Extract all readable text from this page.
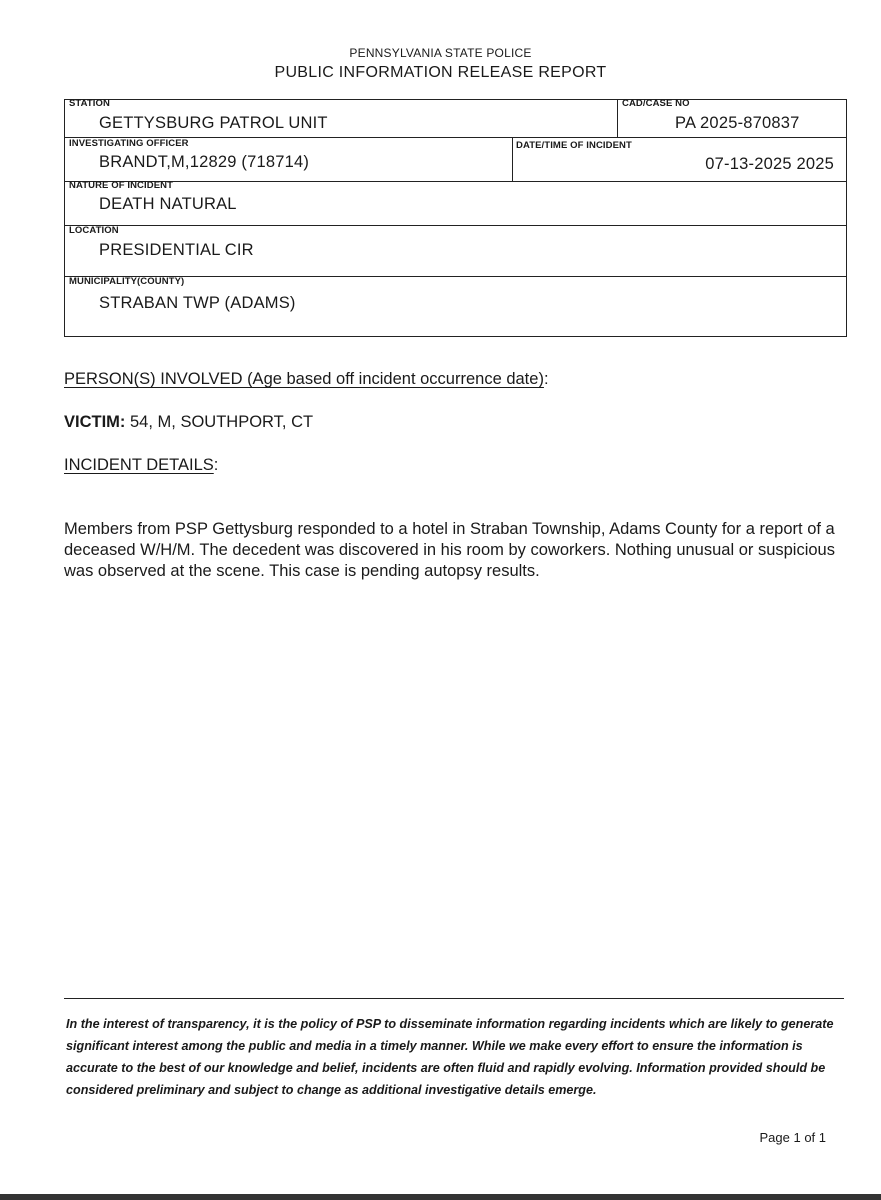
PENNSYLVANIA STATE POLICE
PUBLIC INFORMATION RELEASE REPORT
STATION
GETTYSBURG PATROL UNIT
CAD/CASE NO
PA 2025-870837
INVESTIGATING OFFICER
BRANDT,M,12829 (718714)
DATE/TIME OF INCIDENT
07-13-2025 2025
NATURE OF INCIDENT
DEATH NATURAL
LOCATION
PRESIDENTIAL CIR
MUNICIPALITY(COUNTY)
STRABAN TWP (ADAMS)
PERSON(S) INVOLVED (Age based off incident occurrence date):
VICTIM: 54, M, SOUTHPORT, CT
INCIDENT DETAILS:
Members from PSP Gettysburg responded to a hotel in Straban Township, Adams County for a report of a deceased W/H/M. The decedent was discovered in his room by coworkers. Nothing unusual or suspicious was observed at the scene. This case is pending autopsy results.
In the interest of transparency, it is the policy of PSP to disseminate information regarding incidents which are likely to generate significant interest among the public and media in a timely manner. While we make every effort to ensure the information is accurate to the best of our knowledge and belief, incidents are often fluid and rapidly evolving. Information provided should be considered preliminary and subject to change as additional investigative details emerge.
Page 1 of 1
